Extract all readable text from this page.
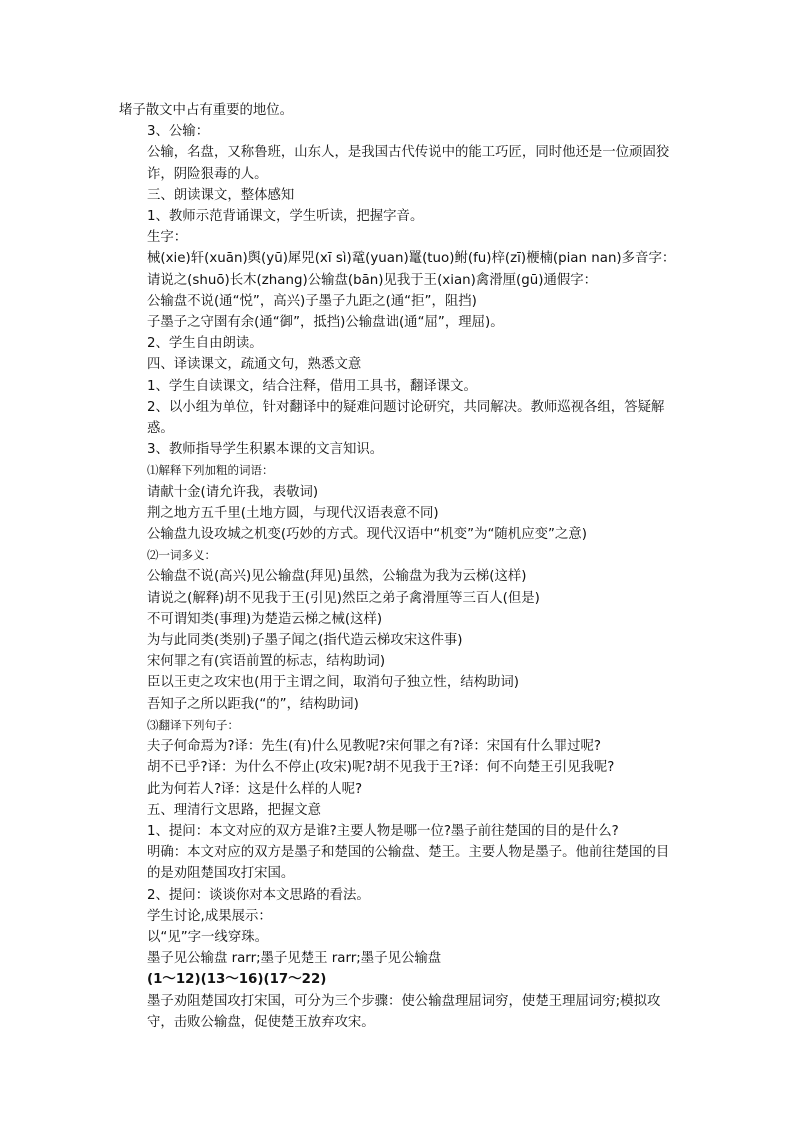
堵子散文中占有重要的地位。
3、公输：
公输，名盘，又称鲁班，山东人，是我国古代传说中的能工巧匠，同时他还是一位顽固狡诈，阴险狠毒的人。
三、朗读课文，整体感知
1、教师示范背诵课文，学生听读，把握字音。
生字：
械(xie)轩(xuān)舆(yū)犀兕(xī sì)鼋(yuan)鼍(tuo)鲋(fu)梓(zī)楩楠(pian nan)多音字：
请说之(shuō)长木(zhang)公输盘(bān)见我于王(xian)禽滑厘(gū)通假字：
公输盘不说(通“悦”，高兴)子墨子九距之(通“拒”，阻挡)
子墨子之守圉有余(通“御”，抵挡)公输盘诎(通“屈”，理屈)。
2、学生自由朗读。
四、译读课文，疏通文句，熟悉文意
1、学生自读课文，结合注释，借用工具书，翻译课文。
2、以小组为单位，针对翻译中的疑难问题讨论研究，共同解决。教师巡视各组，答疑解惑。
3、教师指导学生积累本课的文言知识。
⑴解释下列加粗的词语：
请献十金(请允许我，表敬词)
荆之地方五千里(土地方圆，与现代汉语表意不同)
公输盘九设攻城之机变(巧妙的方式。现代汉语中“机变”为“随机应变”之意)
⑵一词多义：
公输盘不说(高兴)见公输盘(拜见)虽然，公输盘为我为云梯(这样)
请说之(解释)胡不见我于王(引见)然臣之弟子禽滑厘等三百人(但是)
不可谓知类(事理)为楚造云梯之械(这样)
为与此同类(类别)子墨子闻之(指代造云梯攻宋这件事)
宋何罪之有(宾语前置的标志，结构助词)
臣以王吏之攻宋也(用于主谓之间，取消句子独立性，结构助词)
吾知子之所以距我(“的”，结构助词)
⑶翻译下列句子：
夫子何命焉为?译：先生(有)什么见教呢?宋何罪之有?译：宋国有什么罪过呢?
胡不已乎?译：为什么不停止(攻宋)呢?胡不见我于王?译：何不向楚王引见我呢?
此为何若人?译：这是什么样的人呢?
五、理清行文思路，把握文意
1、提问：本文对应的双方是谁?主要人物是哪一位?墨子前往楚国的目的是什么?
明确：本文对应的双方是墨子和楚国的公输盘、楚王。主要人物是墨子。他前往楚国的目的是劝阻楚国攻打宋国。
2、提问：谈谈你对本文思路的看法。
学生讨论,成果展示：
以“见”字一线穿珠。
墨子见公输盘 rarr;墨子见楚王 rarr;墨子见公输盘
(1～12)(13～16)(17～22)
墨子劝阻楚国攻打宋国，可分为三个步骤：使公输盘理屈词穷，使楚王理屈词穷;模拟攻守，击败公输盘，促使楚王放弃攻宋。
